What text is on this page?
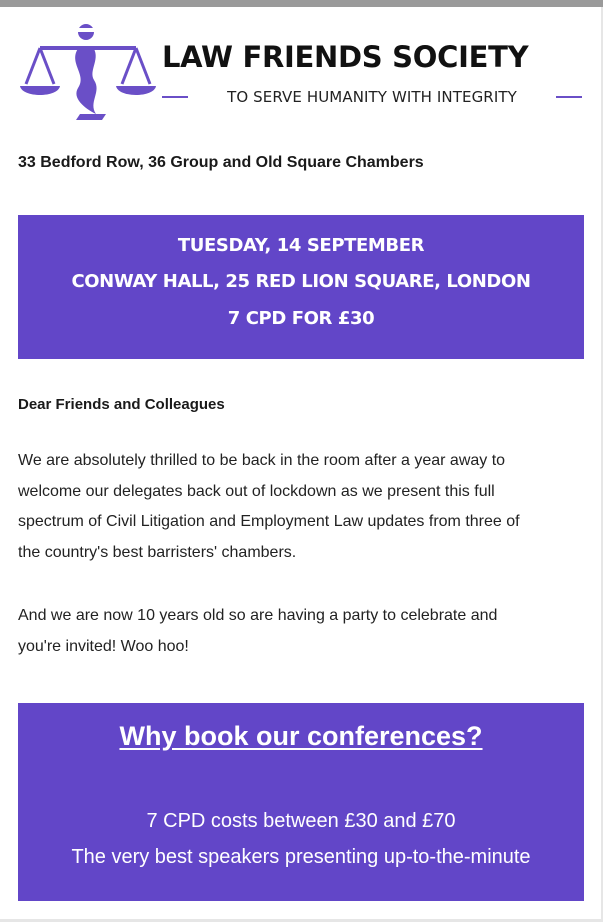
LAW FRIENDS SOCIETY
TO SERVE HUMANITY WITH INTEGRITY
33 Bedford Row, 36 Group and Old Square Chambers
TUESDAY, 14 SEPTEMBER
CONWAY HALL, 25 RED LION SQUARE, LONDON
7 CPD FOR £30
Dear Friends and Colleagues
We are absolutely thrilled to be back in the room after a year away to
welcome our delegates back out of lockdown as we present this full
spectrum of Civil Litigation and Employment Law updates from three of
the country's best barristers' chambers.
And we are now 10 years old so are having a party to celebrate and
you're invited! Woo hoo!
Why book our conferences?
7 CPD costs between £30 and £70
The very best speakers presenting up-to-the-minute
